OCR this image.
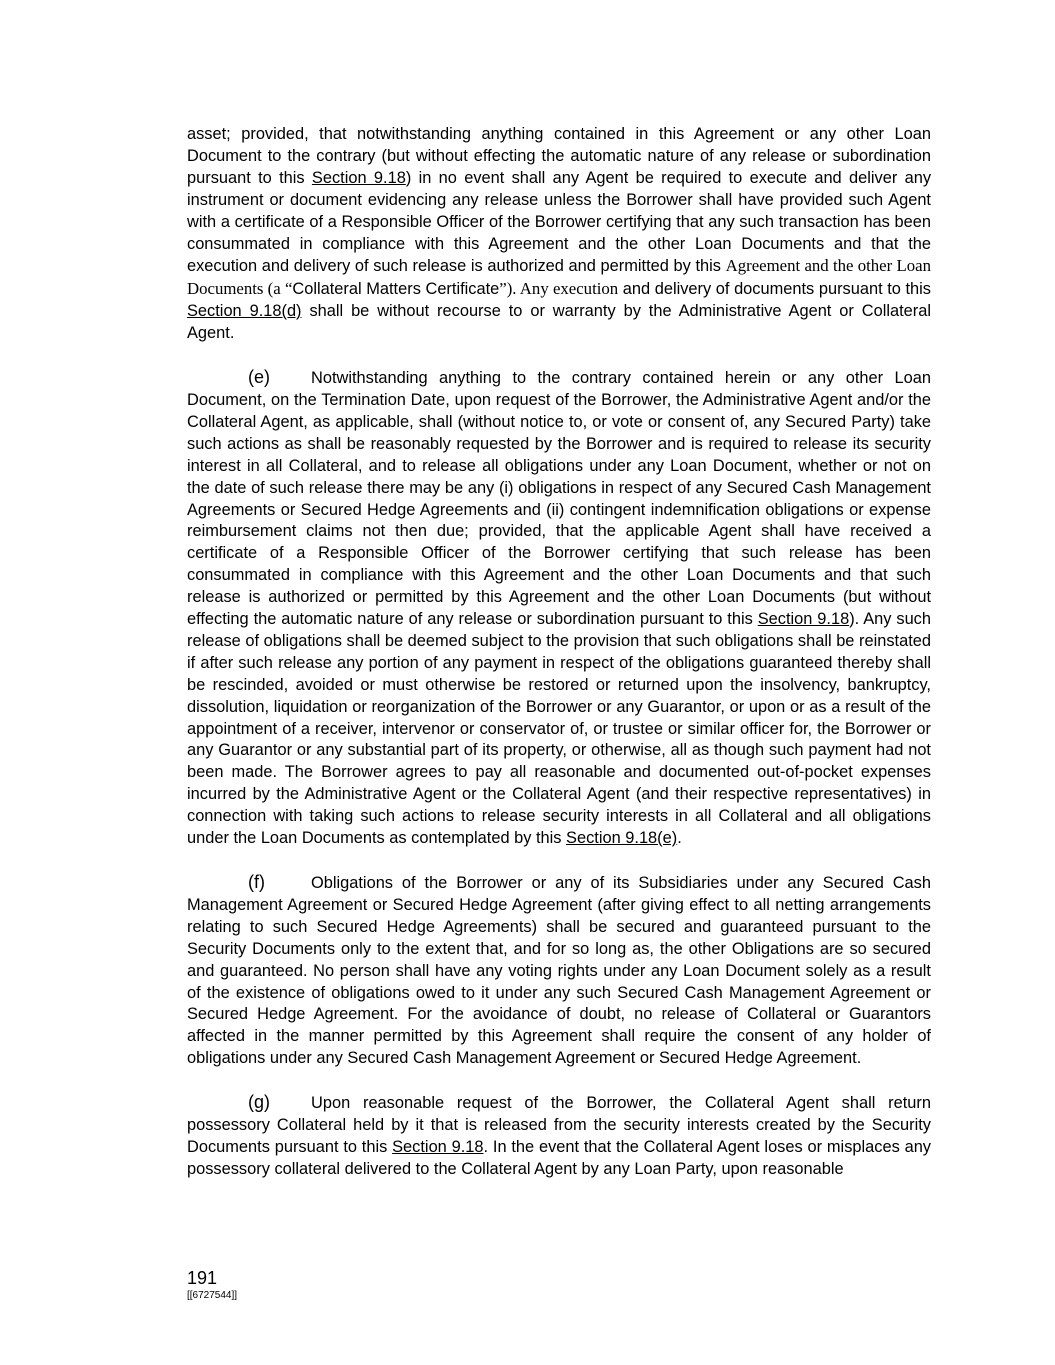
asset; provided, that notwithstanding anything contained in this Agreement or any other Loan Document to the contrary (but without effecting the automatic nature of any release or subordination pursuant to this Section 9.18) in no event shall any Agent be required to execute and deliver any instrument or document evidencing any release unless the Borrower shall have provided such Agent with a certificate of a Responsible Officer of the Borrower certifying that any such transaction has been consummated in compliance with this Agreement and the other Loan Documents and that the execution and delivery of such release is authorized and permitted by this Agreement and the other Loan Documents (a “Collateral Matters Certificate”). Any execution and delivery of documents pursuant to this Section 9.18(d) shall be without recourse to or warranty by the Administrative Agent or Collateral Agent.

(e)	Notwithstanding anything to the contrary contained herein or any other Loan Document, on the Termination Date, upon request of the Borrower, the Administrative Agent and/or the Collateral Agent, as applicable, shall (without notice to, or vote or consent of, any Secured Party) take such actions as shall be reasonably requested by the Borrower and is required to release its security interest in all Collateral, and to release all obligations under any Loan Document, whether or not on the date of such release there may be any (i) obligations in respect of any Secured Cash Management Agreements or Secured Hedge Agreements and (ii) contingent indemnification obligations or expense reimbursement claims not then due; provided, that the applicable Agent shall have received a certificate of a Responsible Officer of the Borrower certifying that such release has been consummated in compliance with this Agreement and the other Loan Documents and that such release is authorized or permitted by this Agreement and the other Loan Documents (but without effecting the automatic nature of any release or subordination pursuant to this Section 9.18). Any such release of obligations shall be deemed subject to the provision that such obligations shall be reinstated if after such release any portion of any payment in respect of the obligations guaranteed thereby shall be rescinded, avoided or must otherwise be restored or returned upon the insolvency, bankruptcy, dissolution, liquidation or reorganization of the Borrower or any Guarantor, or upon or as a result of the appointment of a receiver, intervenor or conservator of, or trustee or similar officer for, the Borrower or any Guarantor or any substantial part of its property, or otherwise, all as though such payment had not been made. The Borrower agrees to pay all reasonable and documented out-of-pocket expenses incurred by the Administrative Agent or the Collateral Agent (and their respective representatives) in connection with taking such actions to release security interests in all Collateral and all obligations under the Loan Documents as contemplated by this Section 9.18(e).

(f)	Obligations of the Borrower or any of its Subsidiaries under any Secured Cash Management Agreement or Secured Hedge Agreement (after giving effect to all netting arrangements relating to such Secured Hedge Agreements) shall be secured and guaranteed pursuant to the Security Documents only to the extent that, and for so long as, the other Obligations are so secured and guaranteed. No person shall have any voting rights under any Loan Document solely as a result of the existence of obligations owed to it under any such Secured Cash Management Agreement or Secured Hedge Agreement. For the avoidance of doubt, no release of Collateral or Guarantors affected in the manner permitted by this Agreement shall require the consent of any holder of obligations under any Secured Cash Management Agreement or Secured Hedge Agreement.

(g)	Upon reasonable request of the Borrower, the Collateral Agent shall return possessory Collateral held by it that is released from the security interests created by the Security Documents pursuant to this Section 9.18. In the event that the Collateral Agent loses or misplaces any possessory collateral delivered to the Collateral Agent by any Loan Party, upon reasonable

191
[[6727544]]
